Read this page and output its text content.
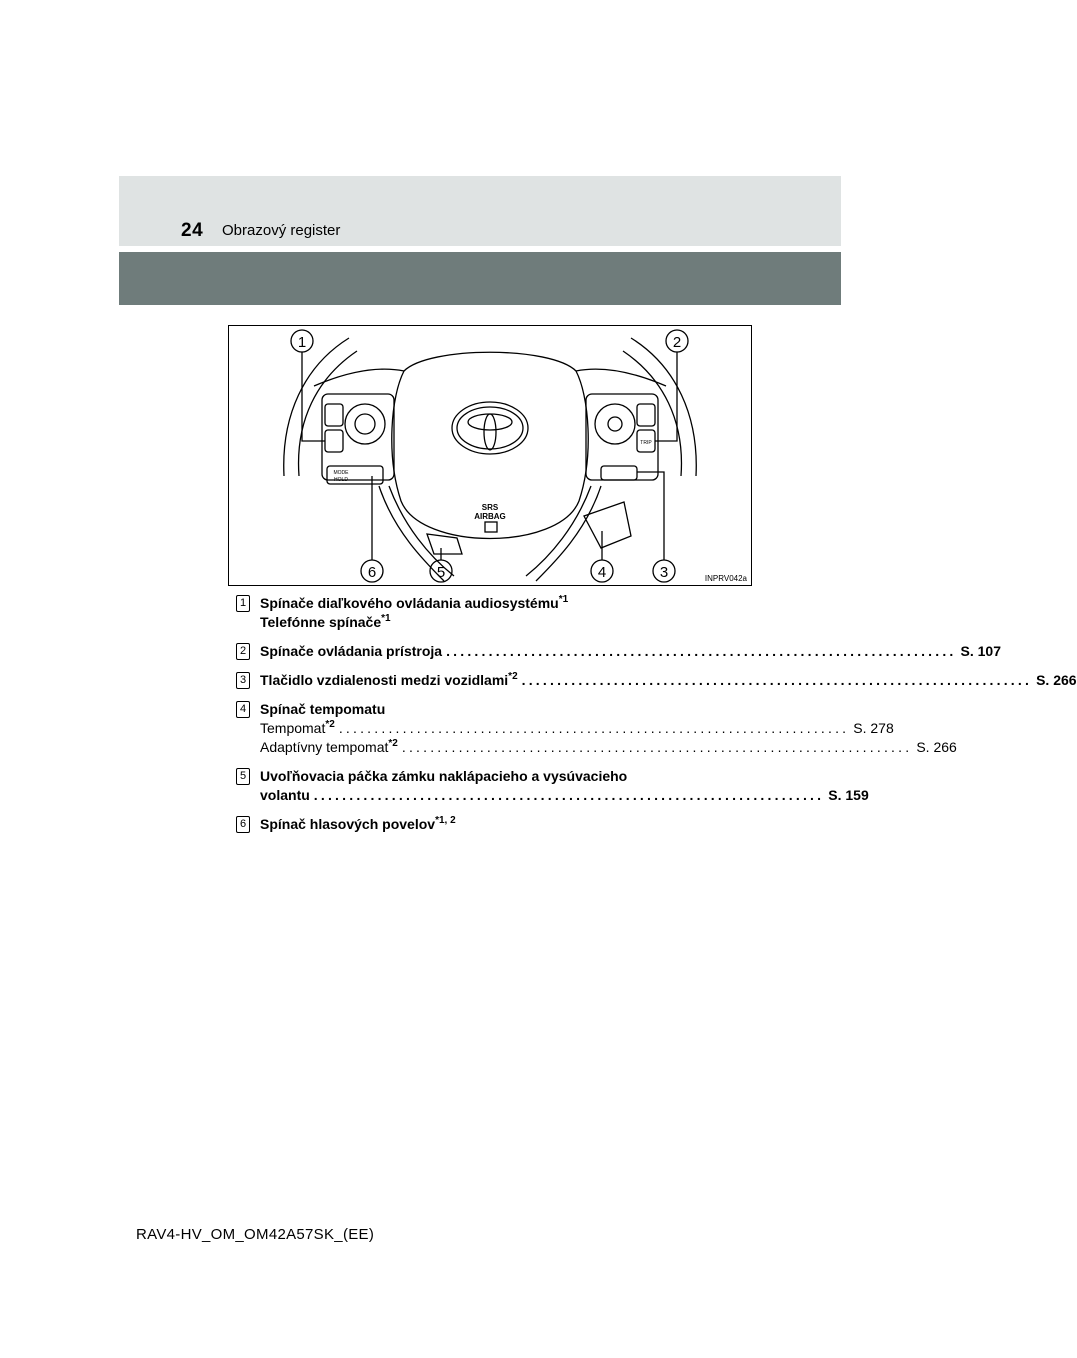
24 Obrazový register
SRS
AIRBAG
MODE
HOLD
TRIP
1	2
3
4
5
6	INPRV042a
1 Spínače diaľkového ovládania audiosystému$^{*1}$
Telefónne spínače$^{*1}$
2 Spínače ovládania prístroja ........................................................................ S. 107
3 Tlačidlo vzdialenosti medzi vozidlami$^{*2}$ ........................................................................ S. 266
4 Spínač tempomatu
Tempomat$^{*2}$ ........................................................................ S. 278
Adaptívny tempomat$^{*2}$ ........................................................................ S. 266
5 Uvoľňovacia páčka zámku naklápacieho a vysúvacieho
volantu ........................................................................ S. 159
6 Spínač hlasových povelov$^{*1, 2}$
RAV4-HV_OM_OM42A57SK_(EE)
